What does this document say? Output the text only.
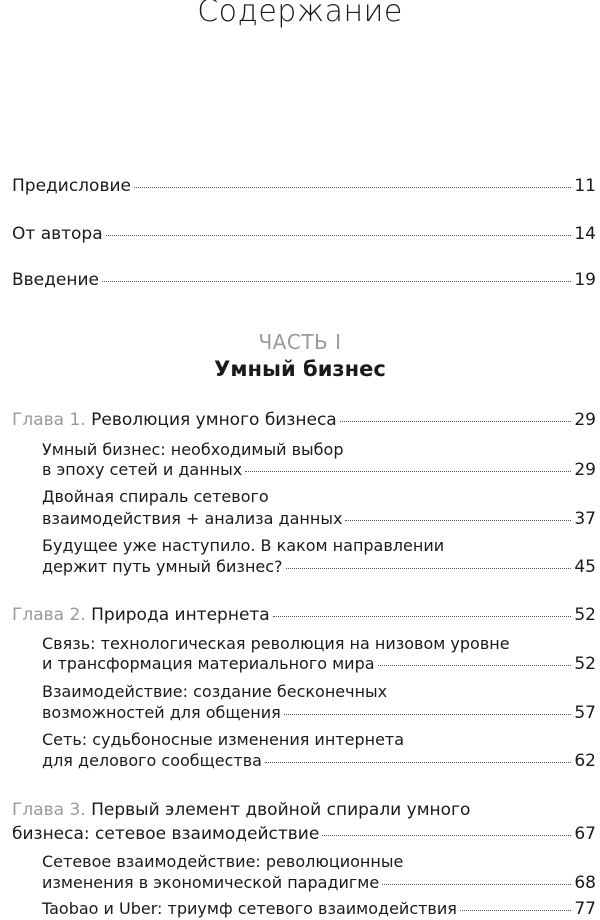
Содержание
Предисловие	11
От автора	14
Введение	19
ЧАСТЬ I
Умный бизнес
Глава 1. Революция умного бизнеса	29
Умный бизнес: необходимый выбор
в эпоху сетей и данных	29
Двойная спираль сетевого
взаимодействия + анализа данных	37
Будущее уже наступило. В каком направлении
держит путь умный бизнес?	45
Глава 2. Природа интернета	52
Связь: технологическая революция на низовом уровне
и трансформация материального мира	52
Взаимодействие: создание бесконечных
возможностей для общения	57
Сеть: судьбоносные изменения интернета
для делового сообщества	62
Глава 3. Первый элемент двойной спирали умного
бизнеса: сетевое взаимодействие	67
Сетевое взаимодействие: революционные
изменения в экономической парадигме	68
Taobao и Uber: триумф сетевого взаимодействия	77
